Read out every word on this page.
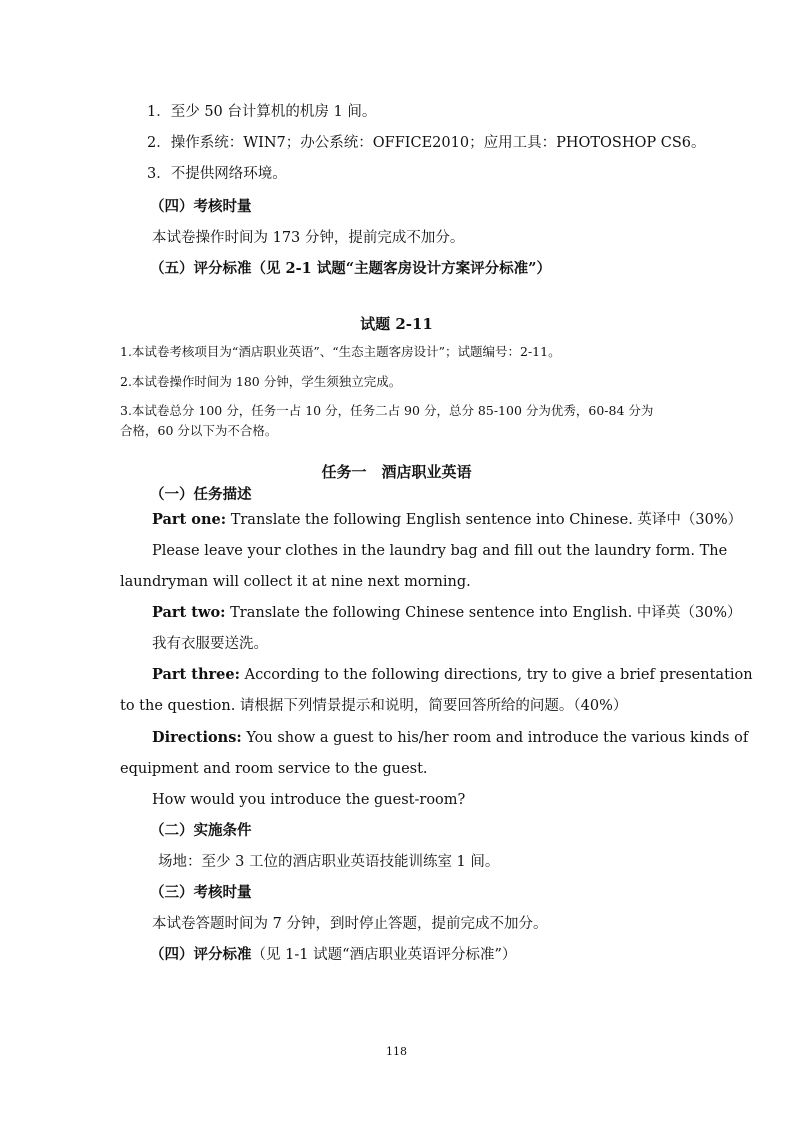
1．至少 50 台计算机的机房 1 间。
2．操作系统：WIN7；办公系统：OFFICE2010；应用工具：PHOTOSHOP CS6。
3．不提供网络环境。
（四）考核时量
本试卷操作时间为 173 分钟，提前完成不加分。
（五）评分标准（见 2-1 试题“主题客房设计方案评分标准”）
试题 2-11
1.本试卷考核项目为“酒店职业英语”、“生态主题客房设计”；试题编号：2-11。
2.本试卷操作时间为 180 分钟，学生须独立完成。
3.本试卷总分 100 分，任务一占 10 分，任务二占 90 分，总分 85-100 分为优秀，60-84 分为
合格，60 分以下为不合格。
任务一　酒店职业英语
（一）任务描述
Part one: Translate the following English sentence into Chinese. 英译中（30%）
Please leave your clothes in the laundry bag and fill out the laundry form. The
laundryman will collect it at nine next morning.
Part two: Translate the following Chinese sentence into English. 中译英（30%）
我有衣服要送洗。
Part three: According to the following directions, try to give a brief presentation
to the question. 请根据下列情景提示和说明，简要回答所给的问题。（40%）
Directions: You show a guest to his/her room and introduce the various kinds of
equipment and room service to the guest.
How would you introduce the guest-room?
（二）实施条件
场地：至少 3 工位的酒店职业英语技能训练室 1 间。
（三）考核时量
本试卷答题时间为 7 分钟，到时停止答题，提前完成不加分。
（四）评分标准（见 1-1 试题“酒店职业英语评分标准”）
118
